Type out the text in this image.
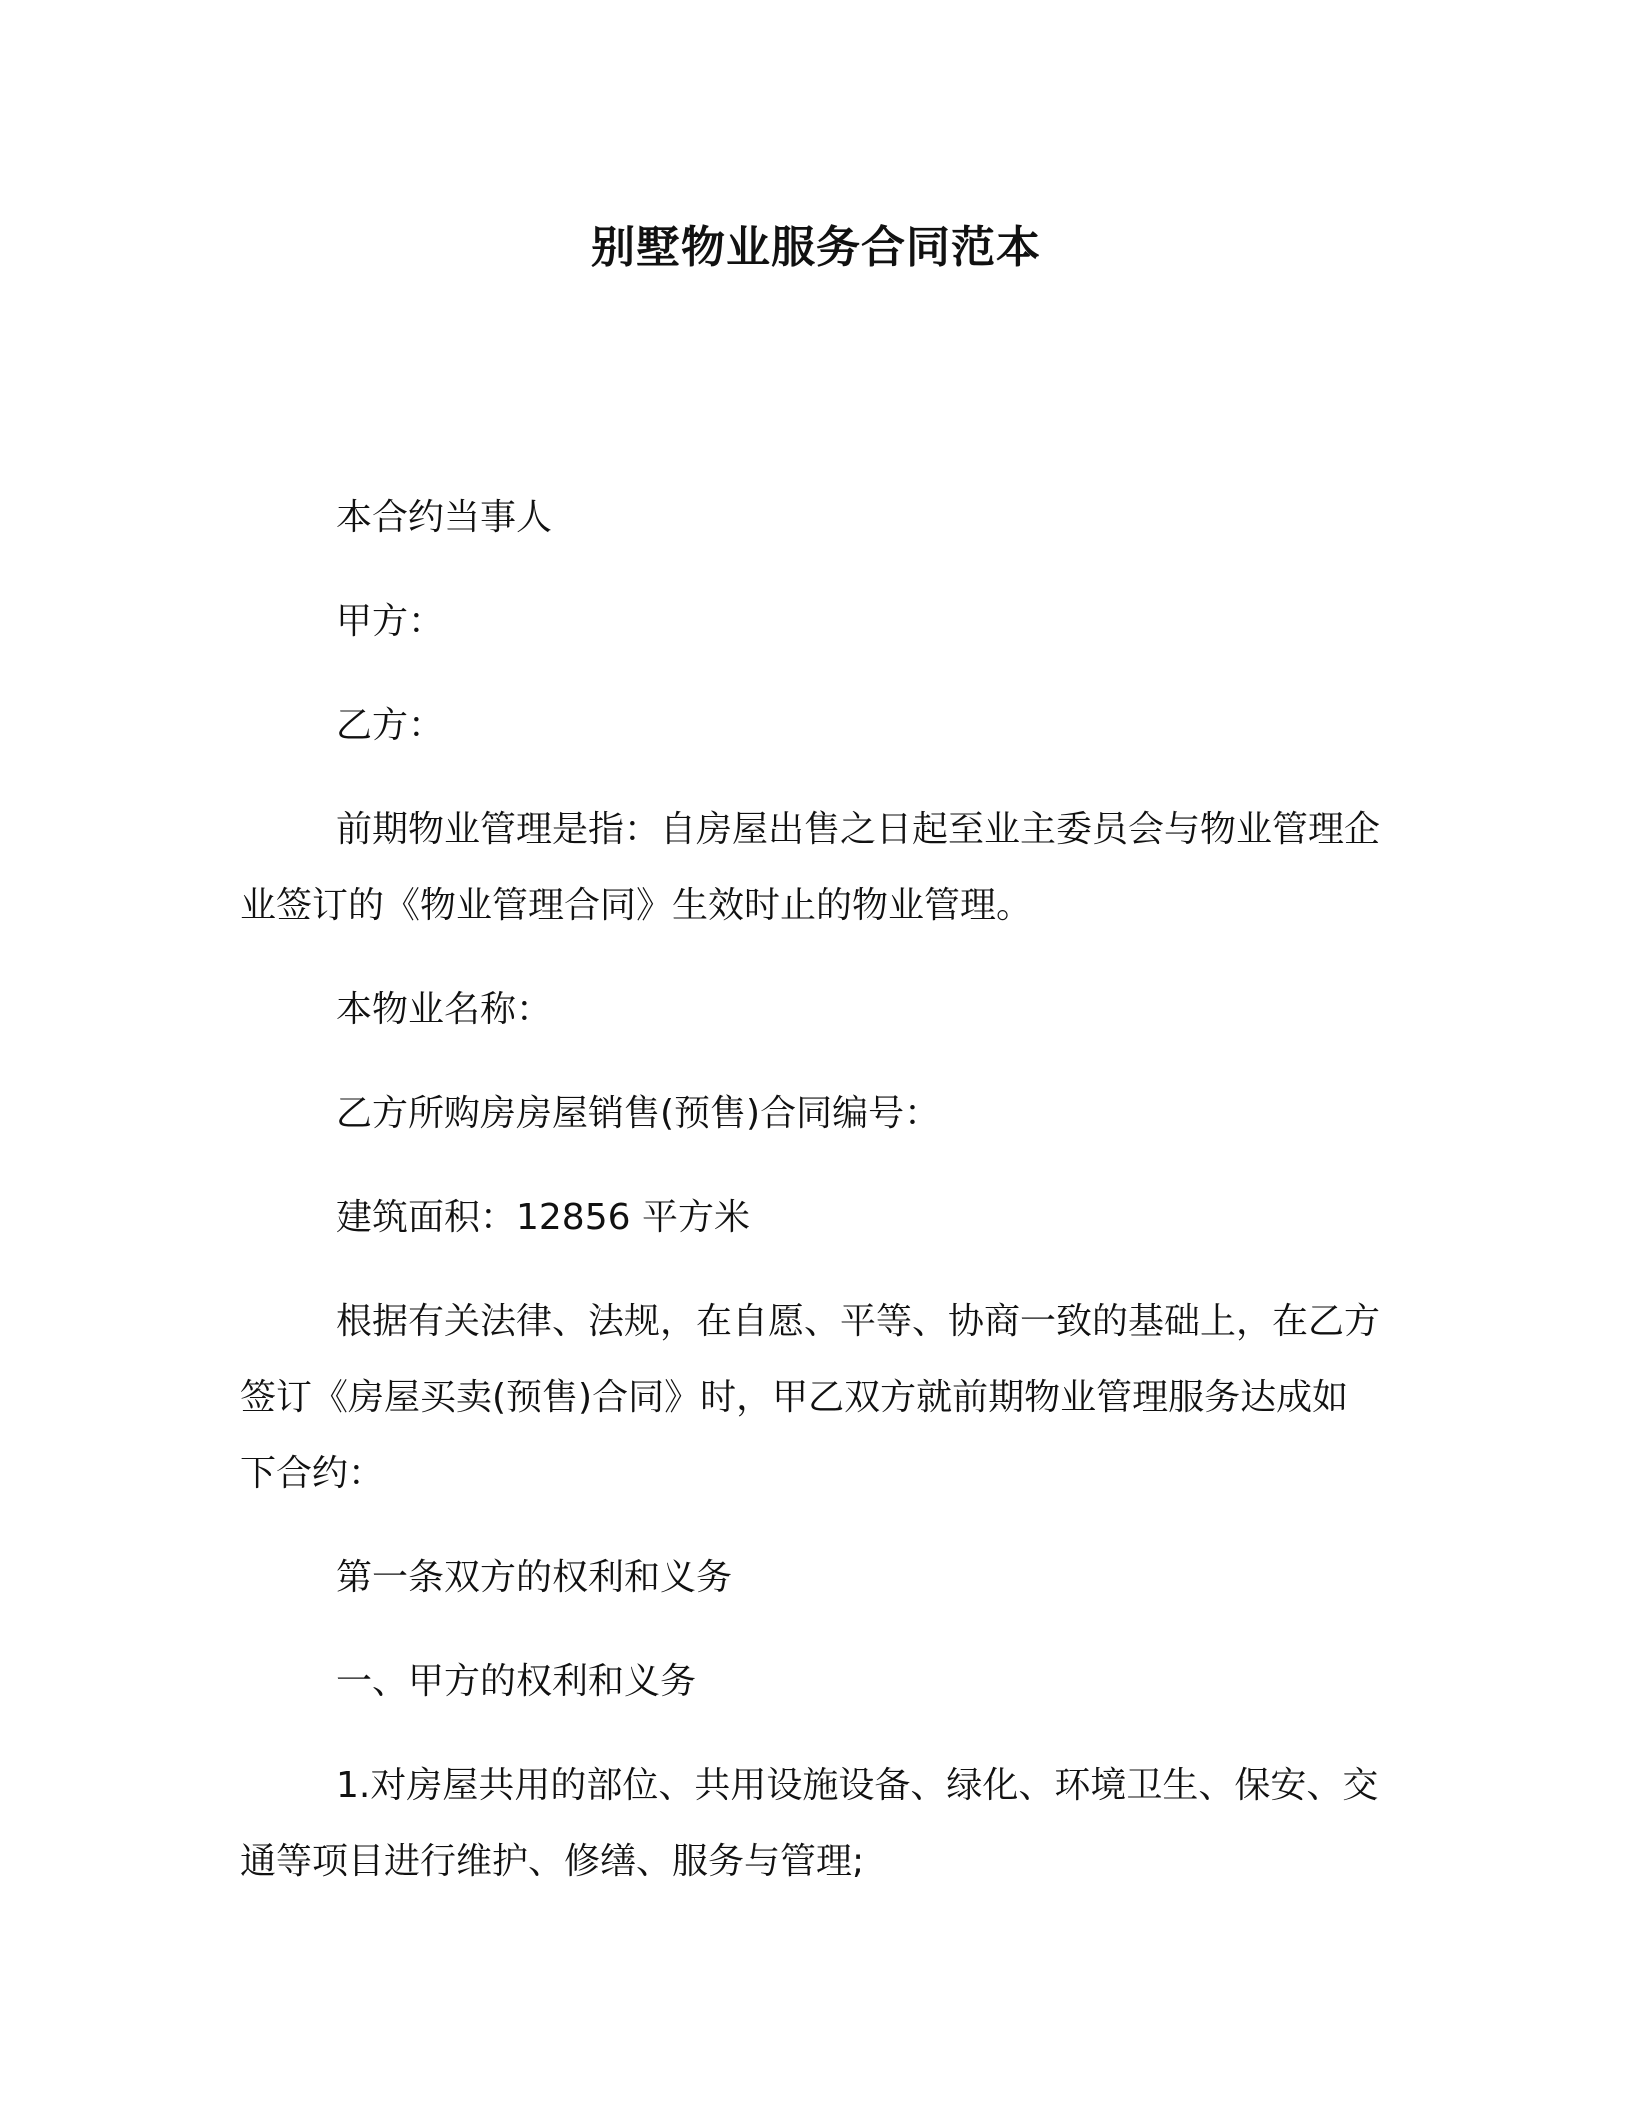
别墅物业服务合同范本

本合约当事人

甲方：

乙方：

前期物业管理是指：自房屋出售之日起至业主委员会与物业管理企业签订的《物业管理合同》生效时止的物业管理。

本物业名称：

乙方所购房房屋销售(预售)合同编号：

建筑面积：12856 平方米

根据有关法律、法规，在自愿、平等、协商一致的基础上，在乙方签订《房屋买卖(预售)合同》时，甲乙双方就前期物业管理服务达成如下合约：

第一条双方的权利和义务

一、甲方的权利和义务

1.对房屋共用的部位、共用设施设备、绿化、环境卫生、保安、交通等项目进行维护、修缮、服务与管理;
